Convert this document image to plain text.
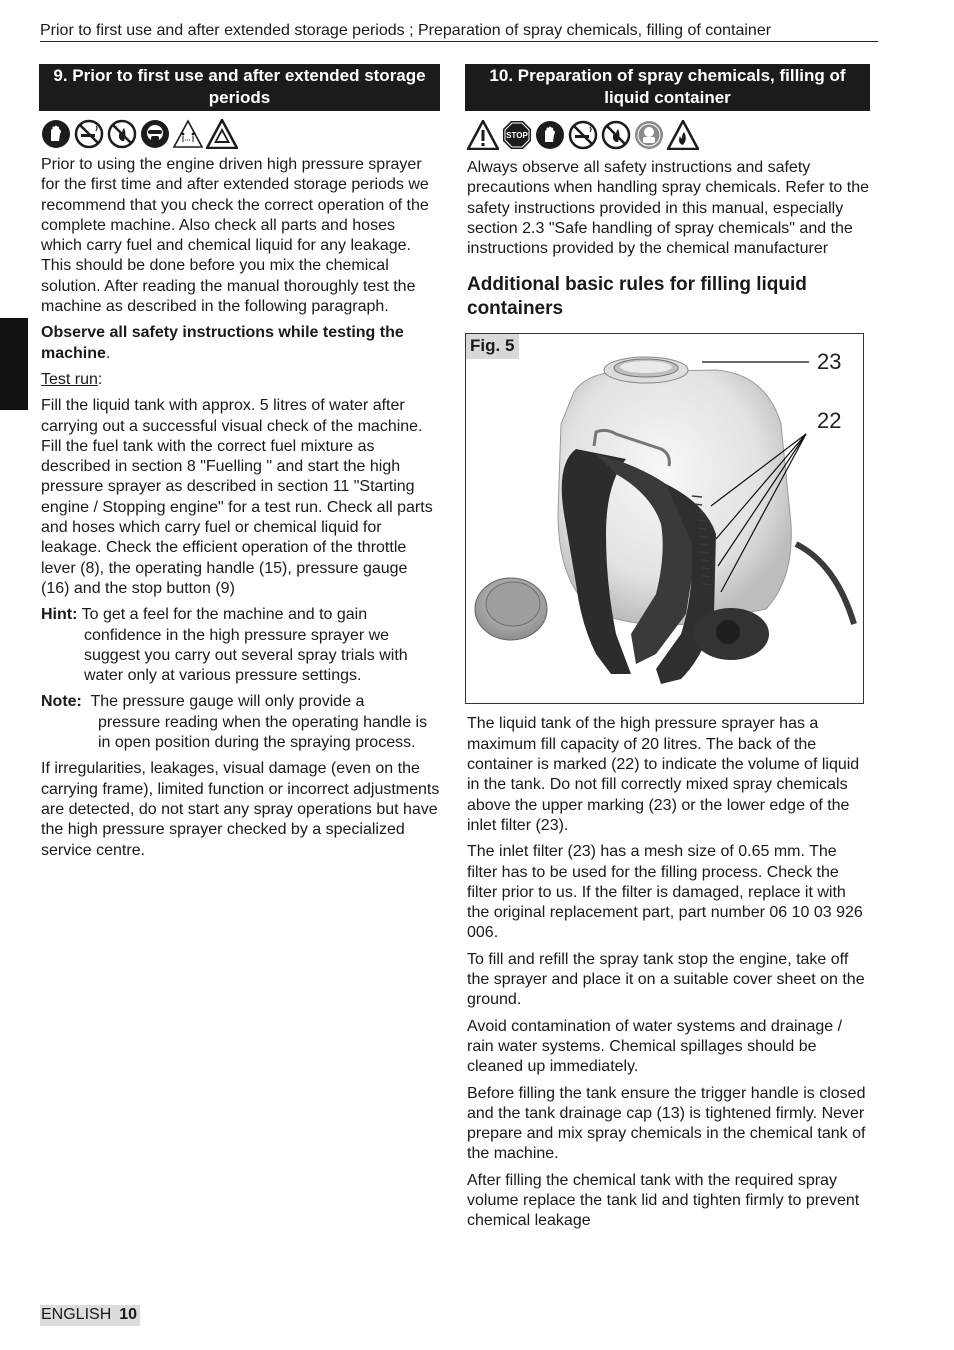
Prior to first use and after extended storage periods ; Preparation of spray chemicals, filling of container
9. Prior to first use and after extended storage periods

Prior to using the engine driven high pressure sprayer for the first time and after extended storage periods we recommend that you check the correct operation of the complete machine. Also check all parts and hoses which carry fuel and chemical liquid for any leakage. This should be done before you mix the chemical solution. After reading the manual thoroughly test the machine as described in the following paragraph.

Observe all safety instructions while testing the machine.

Test run:

Fill the liquid tank with approx. 5 litres of water after carrying out a successful visual check of the machine. Fill the fuel tank with the correct fuel mixture as described in section 8 "Fuelling " and start the high pressure sprayer as described in section 11 "Starting engine / Stopping engine" for a test run. Check all parts and hoses which carry fuel or chemical liquid for leakage. Check the efficient operation of the throttle lever (8), the operating handle (15), pressure gauge (16) and the stop button (9)

Hint: To get a feel for the machine and to gain
confidence in the high pressure sprayer we suggest you carry out several spray trials with water only at various pressure settings.

Note: The pressure gauge will only provide a
pressure reading when the operating handle is in open position during the spraying process.

If irregularities, leakages, visual damage (even on the carrying frame), limited function or incorrect adjustments are detected, do not start any spray operations but have the high pressure sprayer checked by a specialized service centre.

10. Preparation of spray chemicals, filling of liquid container
STOP

Always observe all safety instructions and safety precautions when handling spray chemicals. Refer to the safety instructions provided in this manual, especially section 2.3 "Safe handling of spray chemicals" and the instructions provided by the chemical manufacturer

Additional basic rules for filling liquid containers
Fig. 5
23
22

The liquid tank of the high pressure sprayer has a maximum fill capacity of 20 litres. The back of the container is marked (22) to indicate the volume of liquid in the tank. Do not fill correctly mixed spray chemicals above the upper marking (23) or the lower edge of the inlet filter (23).

The inlet filter (23) has a mesh size of 0.65 mm. The filter has to be used for the filling process. Check the filter prior to us. If the filter is damaged, replace it with the original replacement part, part number 06 10 03 926 006.

To fill and refill the spray tank stop the engine, take off the sprayer and place it on a suitable cover sheet on the ground.

Avoid contamination of water systems and drainage / rain water systems. Chemical spillages should be cleaned up immediately.

Before filling the tank ensure the trigger handle is closed and the tank drainage cap (13) is tightened firmly. Never prepare and mix spray chemicals in the chemical tank of the machine.

After filling the chemical tank with the required spray volume replace the tank lid and tighten firmly to prevent chemical leakage

ENGLISH 10
